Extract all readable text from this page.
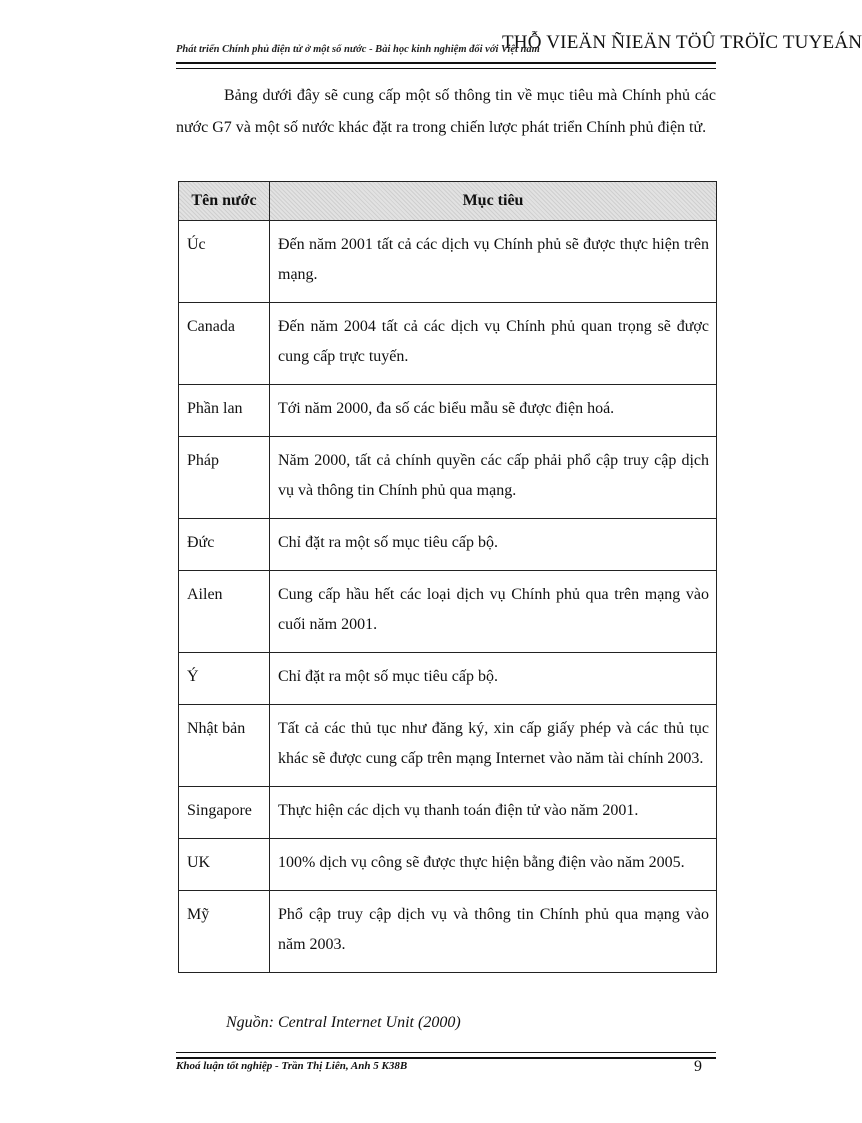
THỖ VIEÄN ÑIEÄN TÖÛ TRÖÏC TUYEÁN
Phát triển Chính phủ điện tử ở một số nước - Bài học kinh nghiệm đối với Việt nam

Bảng dưới đây sẽ cung cấp một số thông tin về mục tiêu mà Chính phủ các nước G7 và một số nước khác đặt ra trong chiến lược phát triển Chính phủ điện tử.

Tên nước	Mục tiêu
Úc	Đến năm 2001 tất cả các dịch vụ Chính phủ sẽ được thực hiện trên mạng.
Canada	Đến năm 2004 tất cả các dịch vụ Chính phủ quan trọng sẽ được cung cấp trực tuyến.
Phần lan	Tới năm 2000, đa số các biểu mẫu sẽ được điện hoá.
Pháp	Năm 2000, tất cả chính quyền các cấp phải phổ cập truy cập dịch vụ và thông tin Chính phủ qua mạng.
Đức	Chỉ đặt ra một số mục tiêu cấp bộ.
Ailen	Cung cấp hầu hết các loại dịch vụ Chính phủ qua trên mạng vào cuối năm 2001.
Ý	Chỉ đặt ra một số mục tiêu cấp bộ.
Nhật bản	Tất cả các thủ tục như đăng ký, xin cấp giấy phép và các thủ tục khác sẽ được cung cấp trên mạng Internet vào năm tài chính 2003.
Singapore	Thực hiện các dịch vụ thanh toán điện tử vào năm 2001.
UK	100% dịch vụ công sẽ được thực hiện bằng điện vào năm 2005.
Mỹ	Phổ cập truy cập dịch vụ và thông tin Chính phủ qua mạng vào năm 2003.
Nguồn: Central Internet Unit (2000)
Khoá luận tốt nghiệp - Trần Thị Liên, Anh 5 K38B	9
